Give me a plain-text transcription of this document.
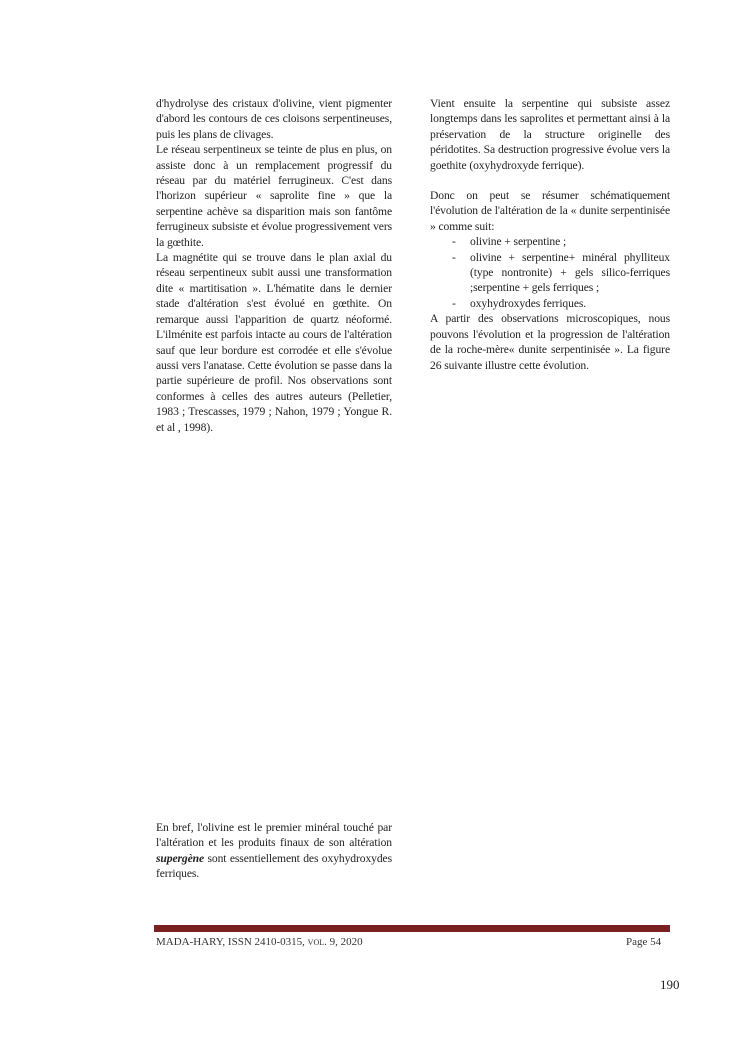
d'hydrolyse des cristaux d'olivine, vient pigmenter d'abord les contours de ces cloisons serpentineuses, puis les plans de clivages.

Le réseau serpentineux se teinte de plus en plus, on assiste donc à un remplacement progressif du réseau par du matériel ferrugineux. C'est dans l'horizon supérieur « saprolite fine » que la serpentine achève sa disparition mais son fantôme ferrugineux subsiste et évolue progressivement vers la gœthite.

La magnétite qui se trouve dans le plan axial du réseau serpentineux subit aussi une transformation dite « martitisation ». L'hématite dans le dernier stade d'altération s'est évolué en gœthite. On remarque aussi l'apparition de quartz néoformé. L'ilménite est parfois intacte au cours de l'altération sauf que leur bordure est corrodée et elle s'évolue aussi vers l'anatase. Cette évolution se passe dans la partie supérieure de profil. Nos observations sont conformes à celles des autres auteurs (Pelletier, 1983 ; Trescasses, 1979 ; Nahon, 1979 ; Yongue R. et al , 1998).

Vient ensuite la serpentine qui subsiste assez longtemps dans les saprolites et permettant ainsi à la préservation de la structure originelle des péridotites. Sa destruction progressive évolue vers la goethite (oxyhydroxyde ferrique).

Donc on peut se résumer schématiquement l'évolution de l'altération de la « dunite serpentinisée » comme suit:

- olivine + serpentine ;
- olivine + serpentine+ minéral phylliteux (type nontronite) + gels silico-ferriques ;serpentine + gels ferriques ;
- oxyhydroxydes ferriques.

A partir des observations microscopiques, nous pouvons l'évolution et la progression de l'altération de la roche-mère« dunite serpentinisée ». La figure 26 suivante illustre cette évolution.

En bref, l'olivine est le premier minéral touché par l'altération et les produits finaux de son altération supergène sont essentiellement des oxyhydroxydes ferriques.

MADA-HARY, ISSN 2410-0315, vol. 9, 2020	Page 54
190
